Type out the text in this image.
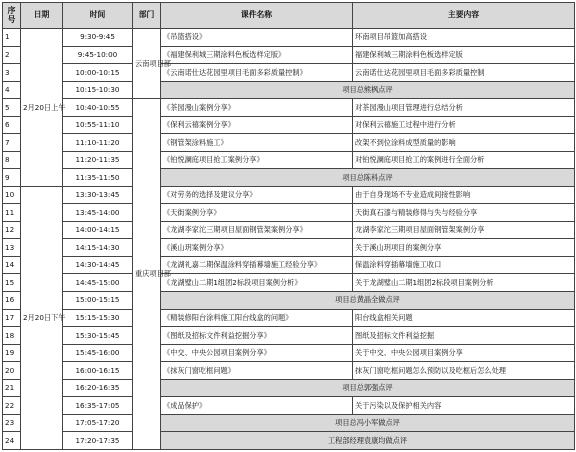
序号	日期	时间	部门	课件名称	主要内容
1	2月20日上午	9:30-9:45	云南项目部	《吊篮搭设》	环南项目吊篮加高搭设
2		9:45-10:00		《福建保利城三期涂料色板选样定版》	福建保利城三期涂料色板选样定版
3		10:00-10:15		《云南诺仕达花园里项目毛面多彩质量控制》	云南诺仕达花园里项目毛面多彩质量控制
4		10:15-10:30		项目总熊枫点评	
5		10:40-10:55	重庆项目部	《茶园漫山案例分享》	对茶园漫山项目管理进行总结分析
6		10:55-11:10		《保利云禧案例分享》	对保利云禧施工过程中进行分析
7		11:10-11:20		《钢管架涂料施工》	改架不到位涂料成型质量的影响
8		11:20-11:35		《铂悦澜庭项目抢工案例分享》	对铂悦澜庭项目抢工的案例进行全面分析
9		11:35-11:50		项目总陈科点评	
10	2月20日下午	13:30-13:45		《对劳务的选择及建议分享》	由于自身现场不专业造成间接性影响
11		13:45-14:00		《天街案例分享》	天街真石漆与精装修得与失与经验分享
12		14:00-14:15		《龙湖李家沱三期项目屋面钢管架案例分享》	龙湖李家沱三期项目屋面钢管架案例分享
13		14:15-14:30		《溪山玥案例分享》	关于溪山玥项目的案例分享
14		14:30-14:45		《龙湖礼嘉二期保温涂料穿插幕墙施工经验分享》	保温涂料穿插幕墙施工收口
15		14:45-15:00		《龙湖璧山二期1组团2标段项目案例分析》	关于龙湖璧山二期1组团2标段项目案例分析
16		15:00-15:15		项目总黄晶全做点评	
17		15:15-15:30		《精装修阳台涂料施工阳台线盒的问题》	阳台线盒相关问题
18		15:30-15:45		《图纸及招标文件利益挖掘分享》	图纸及招标文件利益挖掘
19		15:45-16:00		《中交、中央公园项目案例分享》	关于中交、中央公园项目案例分享
20		16:00-16:15		《抹灰门窗吃框问题》	抹灰门窗吃框问题怎么预防以及吃框后怎么处理
21		16:20-16:35		项目总郭强点评	
22		16:35-17:05		《成品保护》	关于污染以及保护相关内容
23		17:05-17:20		项目总冯小军做点评	
24		17:20-17:35		工程部经理袁康均做点评	
